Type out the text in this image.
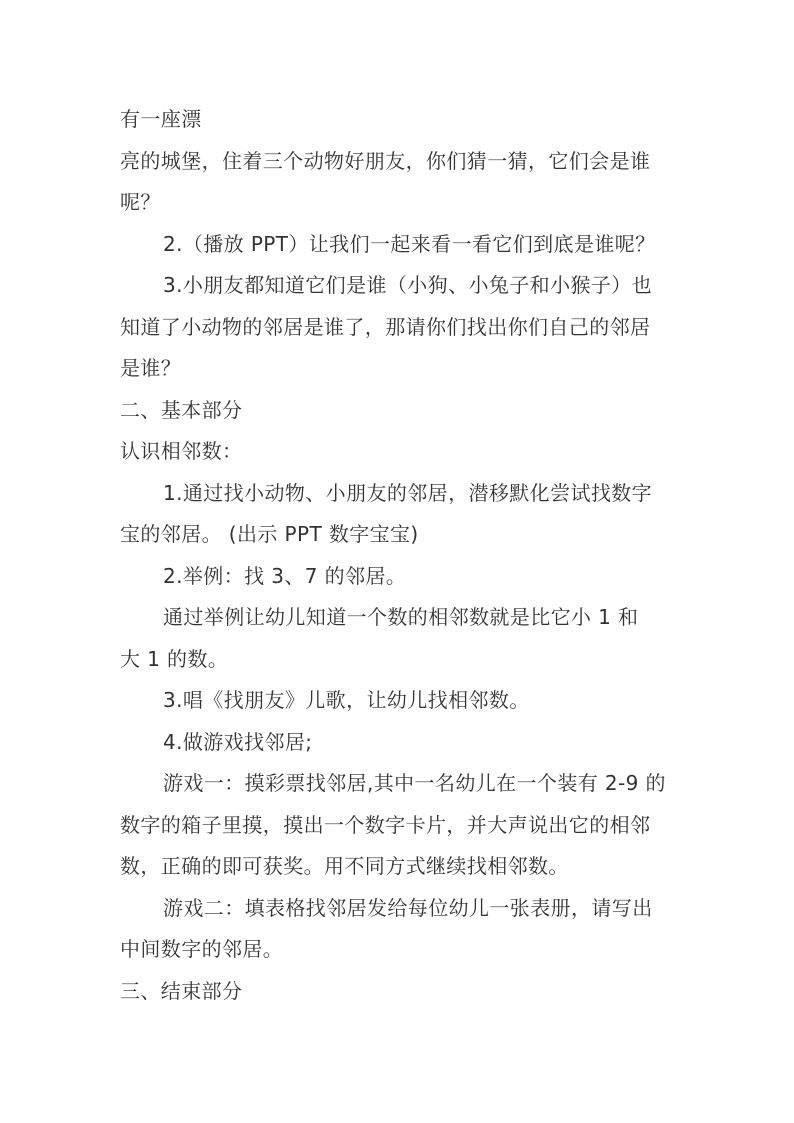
有一座漂
亮的城堡，住着三个动物好朋友，你们猜一猜，它们会是谁
呢？
2.（播放 PPT）让我们一起来看一看它们到底是谁呢？
3.小朋友都知道它们是谁（小狗、小兔子和小猴子）也
知道了小动物的邻居是谁了，那请你们找出你们自己的邻居
是谁？
二、基本部分
认识相邻数：
1.通过找小动物、小朋友的邻居，潜移默化尝试找数字
宝的邻居。 (出示 PPT 数字宝宝)
2.举例：找 3、7 的邻居。
通过举例让幼儿知道一个数的相邻数就是比它小 1 和
大 1 的数。
3.唱《找朋友》儿歌，让幼儿找相邻数。
4.做游戏找邻居;
游戏一：摸彩票找邻居,其中一名幼儿在一个装有 2-9 的
数字的箱子里摸，摸出一个数字卡片，并大声说出它的相邻
数，正确的即可获奖。用不同方式继续找相邻数。
游戏二：填表格找邻居发给每位幼儿一张表册，请写出
中间数字的邻居。
三、结束部分
